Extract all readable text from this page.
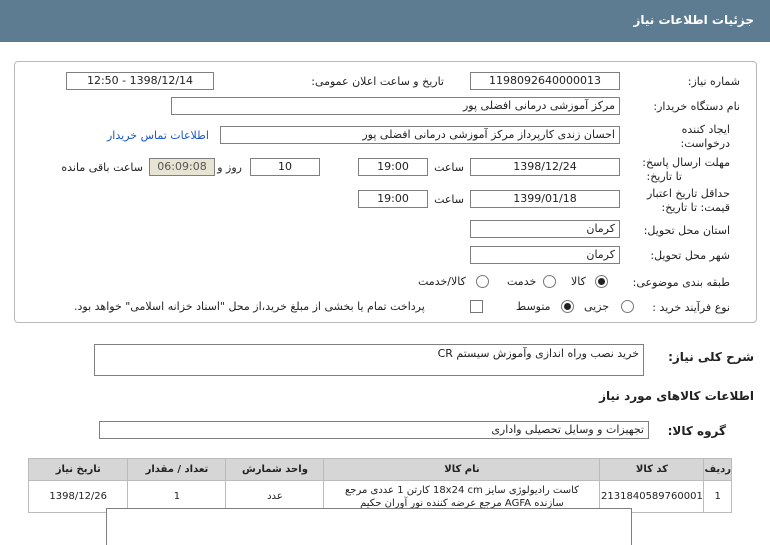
جزئیات اطلاعات نیاز
شماره نیاز:
1198092640000013
تاریخ و ساعت اعلان عمومی:
1398/12/14 - 12:50
نام دستگاه خریدار:
مرکز آموزشی درمانی افضلی پور
ایجاد کننده
درخواست:
احسان زندی کارپرداز مرکز آموزشی درمانی افضلی پور
اطلاعات تماس خریدار
مهلت ارسال پاسخ:
تا تاریخ:
1398/12/24
ساعت
19:00
10
روز و
06:09:08
ساعت باقی مانده
حداقل تاریخ اعتبار
قیمت: تا تاریخ:
1399/01/18
ساعت
19:00
استان محل تحویل:
کرمان
شهر محل تحویل:
کرمان
طبقه بندی موضوعی:
کالا
خدمت
کالا/خدمت
نوع فرآیند خرید :
جزیی
متوسط
پرداخت تمام یا بخشی از مبلغ خرید،از محل "اسناد خزانه اسلامی" خواهد بود.
شرح کلی نیاز:
خرید نصب وراه اندازی وآموزش سیستم CR
اطلاعات کالاهای مورد نیاز
گروه کالا:
تجهیزات و وسایل تحصیلی واداری
ردیف	کد کالا	نام کالا	واحد شمارش	تعداد / مقدار	تاریخ نیاز
1	2131840589760001	کاست رادیولوژی سایز 18x24 cm کارتن 1 عددی مرجع سازنده AGFA مرجع عرضه کننده نور آوران حکیم	عدد	1	1398/12/26
